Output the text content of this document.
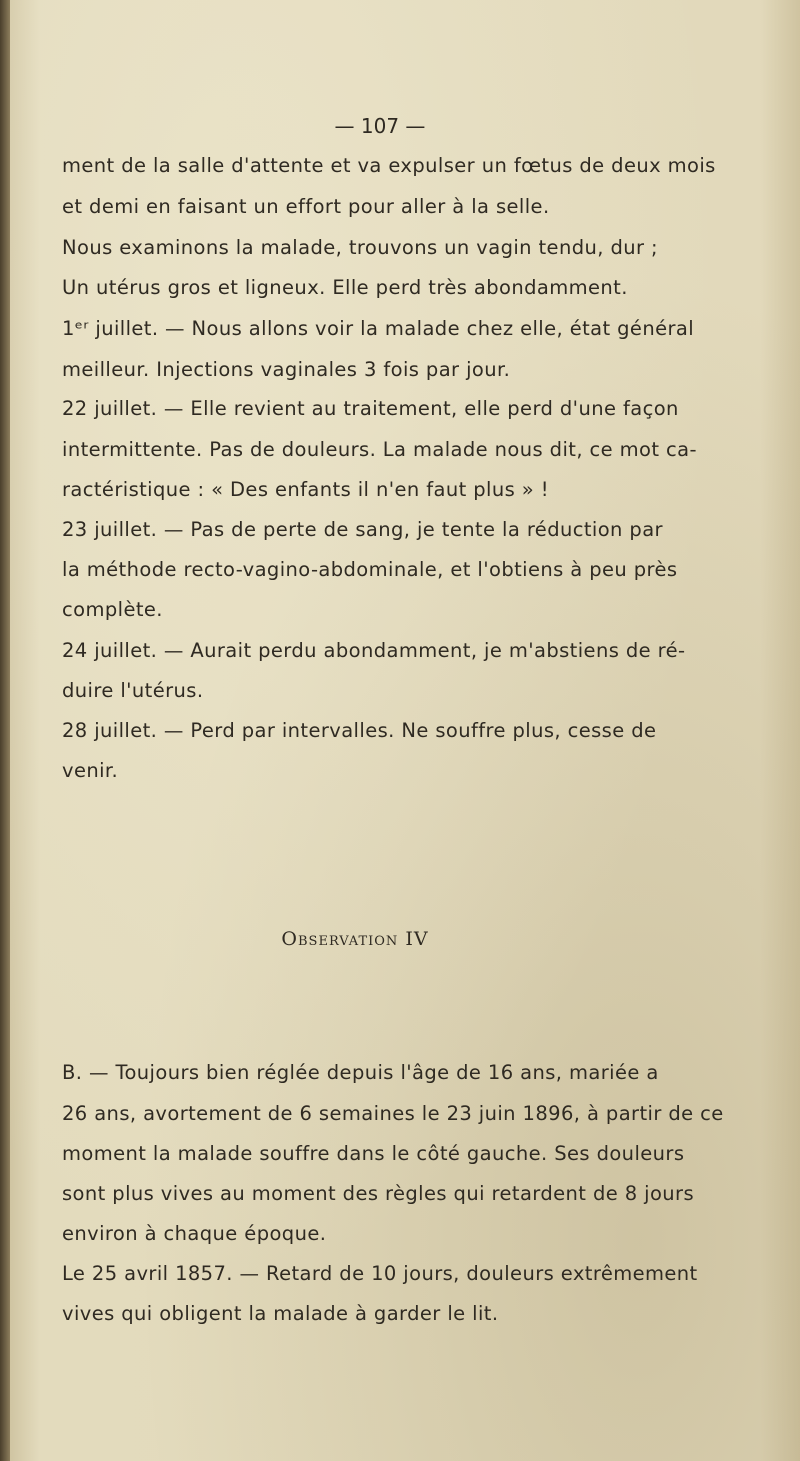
— 107 —
ment de la salle d'attente et va expulser un fœtus de deux mois
et demi en faisant un effort pour aller à la selle.
Nous examinons la malade, trouvons un vagin tendu, dur ;
Un utérus gros et ligneux. Elle perd très abondamment.
1ᵉʳ juillet. — Nous allons voir la malade chez elle, état général
meilleur. Injections vaginales 3 fois par jour.
22 juillet. — Elle revient au traitement, elle perd d'une façon
intermittente. Pas de douleurs. La malade nous dit, ce mot ca-
ractéristique : « Des enfants il n'en faut plus » !
23 juillet. — Pas de perte de sang, je tente la réduction par
la méthode recto-vagino-abdominale, et l'obtiens à peu près
complète.
24 juillet. — Aurait perdu abondamment, je m'abstiens de ré-
duire l'utérus.
28 juillet. — Perd par intervalles. Ne souffre plus, cesse de
venir.
Observation IV
B. — Toujours bien réglée depuis l'âge de 16 ans, mariée a
26 ans, avortement de 6 semaines le 23 juin 1896, à partir de ce
moment la malade souffre dans le côté gauche. Ses douleurs
sont plus vives au moment des règles qui retardent de 8 jours
environ à chaque époque.
Le 25 avril 1857. — Retard de 10 jours, douleurs extrêmement
vives qui obligent la malade à garder le lit.
